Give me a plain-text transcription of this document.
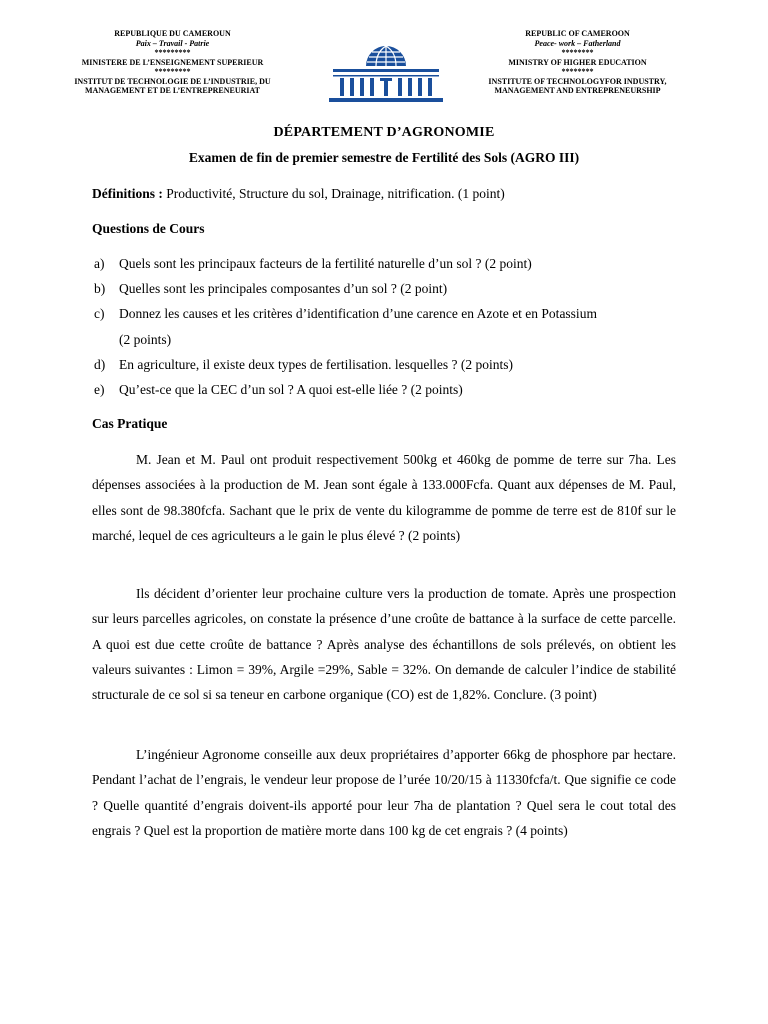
REPUBLIQUE DU CAMEROUN
Paix – Travail - Patrie
*********
MINISTERE DE L’ENSEIGNEMENT SUPERIEUR
*********
INSTITUT DE TECHNOLOGIE DE L’INDUSTRIE, DU
MANAGEMENT ET DE L’ENTREPRENEURIAT
REPUBLIC OF CAMEROON
Peace- work – Fatherland
********
MINISTRY OF HIGHER EDUCATION
********
INSTITUTE OF TECHNOLOGYFOR INDUSTRY,
MANAGEMENT AND ENTREPRENEURSHIP
DÉPARTEMENT D’AGRONOMIE
Examen de fin de premier semestre de Fertilité des Sols (AGRO III)
Définitions : Productivité, Structure du sol, Drainage, nitrification. (1 point)
Questions de Cours
a) Quels sont les principaux facteurs de la fertilité naturelle d’un sol ? (2 point)
b) Quelles sont les principales composantes d’un sol ? (2 point)
c) Donnez les causes et les critères d’identification d’une carence en Azote et en Potassium
(2 points)
d) En agriculture, il existe deux types de fertilisation. lesquelles ? (2 points)
e) Qu’est-ce que la CEC d’un sol ? A quoi est-elle liée ? (2 points)
Cas Pratique
M. Jean et M. Paul ont produit respectivement 500kg et 460kg de pomme de terre sur 7ha. Les dépenses associées à la production de M. Jean sont égale à 133.000Fcfa. Quant aux dépenses de M. Paul, elles sont de 98.380fcfa. Sachant que le prix de vente du kilogramme de pomme de terre est de 810f sur le marché, lequel de ces agriculteurs a le gain le plus élevé ? (2 points)
Ils décident d’orienter leur prochaine culture vers la production de tomate. Après une prospection sur leurs parcelles agricoles, on constate la présence d’une croûte de battance à la surface de cette parcelle. A quoi est due cette croûte de battance ? Après analyse des échantillons de sols prélevés, on obtient les valeurs suivantes : Limon = 39%, Argile =29%, Sable = 32%. On demande de calculer l’indice de stabilité structurale de ce sol si sa teneur en carbone organique (CO) est de 1,82%. Conclure. (3 point)
L’ingénieur Agronome conseille aux deux propriétaires d’apporter 66kg de phosphore par hectare. Pendant l’achat de l’engrais, le vendeur leur propose de l’urée 10/20/15 à 11330fcfa/t. Que signifie ce code ? Quelle quantité d’engrais doivent-ils apporté pour leur 7ha de plantation ? Quel sera le cout total des engrais ? Quel est la proportion de matière morte dans 100 kg de cet engrais ? (4 points)
